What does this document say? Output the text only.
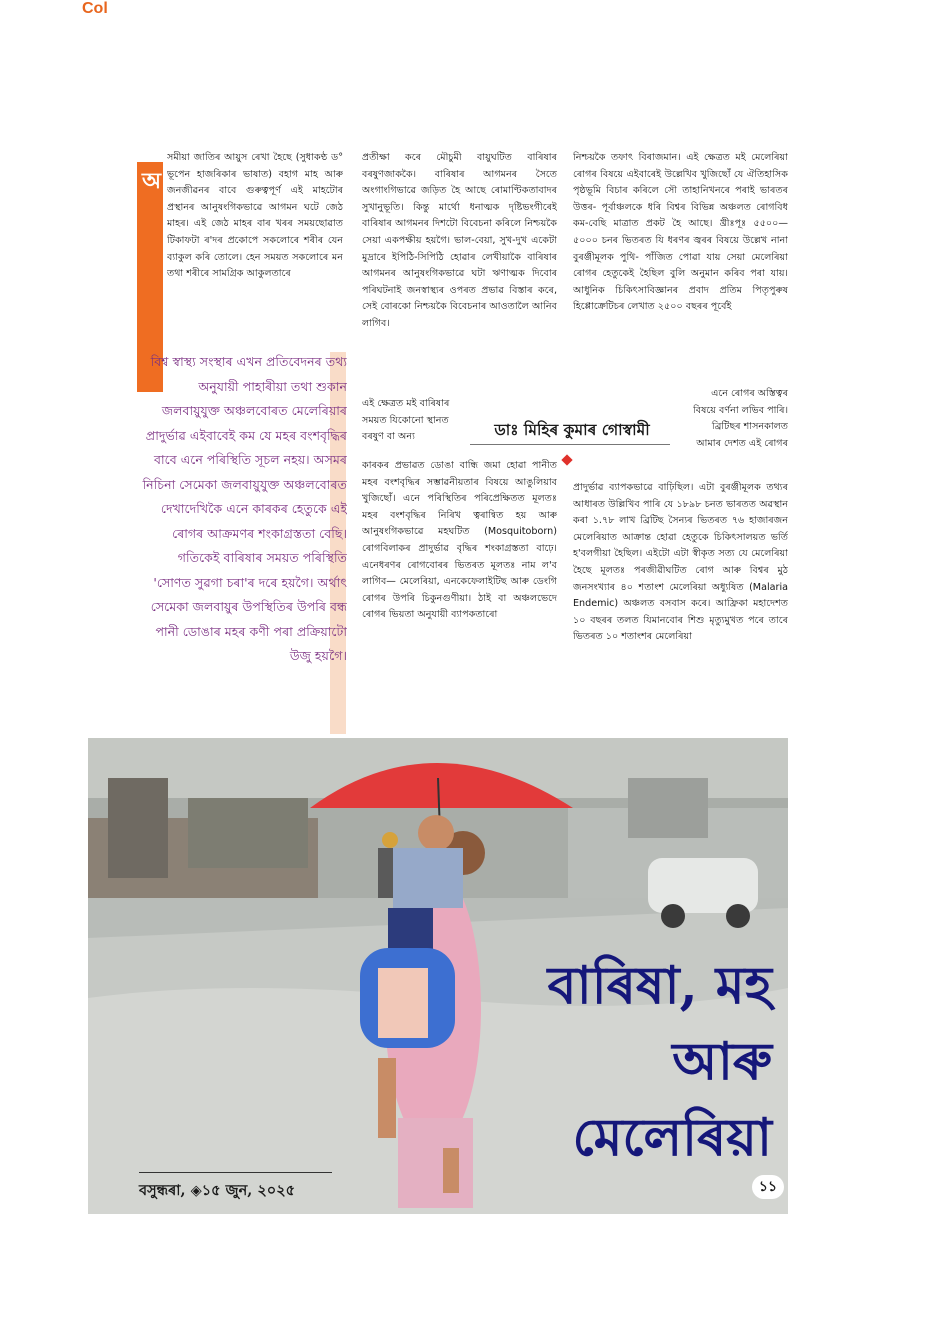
Col
অ

সমীয়া জাতিৰ আয়ুস ৰেখা হৈছে (সুধাকণ্ঠ ড° ভূপেন হাজৰিকাৰ ভাষাত) বহাগ মাহ আৰু জনজীৱনৰ বাবে গুৰুত্বপূৰ্ণ এই মাহটোৰ প্ৰস্থানৰ আনুষংগিকভাৱে আগমন ঘটে জেঠ মাহৰ। এই জেঠ মাহৰ বাৰ খৰৰ সময়ছোৱাত টিকাফটা ৰ'দৰ প্ৰকোপে সকলোৰে শৰীৰ যেন ব্যাকুল কৰি তোলে। হেন সময়ত সকলোৰে মন তথা শৰীৰে সামগ্ৰিক আকুলতাৰে

বিশ্ব স্বাস্থ্য সংস্থাৰ এখন প্ৰতিবেদনৰ তথ্য অনুযায়ী পাহাৰীয়া তথা শুকান জলবায়ুযুক্ত অঞ্চলবোৰত মেলেৰিয়াৰ প্ৰাদুৰ্ভাৱ এইবাবেই কম যে মহৰ বংশবৃদ্ধিৰ বাবে এনে পৰিস্থিতি সূচল নহয়। অসমৰ নিচিনা সেমেকা জলবায়ুযুক্ত অঞ্চলবোৰত দেখাদেখিকৈ এনে কাৰকৰ হেতুকে এই ৰোগৰ আক্ৰমণৰ শংকাগ্ৰস্ততা বেছি। গতিকেই বাৰিষাৰ সময়ত পৰিস্থিতি 'সোণত সুৱগা চৰা'ৰ দৰে হয়গৈ। অৰ্থাৎ সেমেকা জলবায়ুৰ উপস্থিতিৰ উপৰি বন্ধ পানী ডোঙাৰ মহৰ কণী পৰা প্ৰক্ৰিয়াটো উজু হয়গৈ।

প্ৰতীক্ষা কৰে মৌচুমী বায়ুঘটিত বাৰিষাৰ বৰষুণজাককৈ। বাৰিষাৰ আগমনৰ সৈতে অংগাংগিভাৱে জড়িত হৈ আছে ৰোমাণ্টিকতাবাদৰ সুখানুভূতি। কিন্তু মাৰ্থো ধনাত্মক দৃষ্টিভংগীৰেই বাৰিষাৰ আগমনৰ দিশটো বিবেচনা কৰিলে নিশ্চয়কৈ সেয়া একপক্ষীয় হয়গৈ। ভাল-বেয়া, সুখ-দুখ একেটা মুদ্ৰাৰে ইপিঠি-সিপিঠি হোৱাৰ লেখীয়াকৈ বাৰিষাৰ আগমনৰ আনুষংগিকভাৱে ঘটা ঋণাত্মক দিবোৰ পৰিঘটনাই জনস্বাস্থ্যৰ ওপৰত প্ৰভাৱ বিস্তাৰ কৰে, সেই বোৰকো নিশ্চয়কৈ বিবেচনাৰ আওতালৈ আনিব লাগিব।

এই ক্ষেত্ৰত মই বাৰিষাৰ সময়ত যিকোনো স্থানত বৰষুণ বা অন্য	ডাঃ মিহিৰ কুমাৰ গোস্বামী

কাৰকৰ প্ৰভাৱত ডোঙা বান্ধি জমা হোৱা পানীত মহৰ বংশবৃদ্ধিৰ সম্ভাৱনীয়তাৰ বিষয়ে আঙুলিয়াব খুজিছোঁ। এনে পৰিস্থিতিৰ পৰিপ্ৰেক্ষিতত মূলতঃ মহৰ বংশবৃদ্ধিৰ নিৰিখ ত্বৰান্বিত হয় আৰু আনুষংগিকভাৱে মহঘটিত (Mosquitoborn) ৰোগবিলাকৰ প্ৰাদুৰ্ভাৱ বৃদ্ধিৰ শংকাগ্ৰস্ততা বাঢ়ে। এনেধৰণৰ ৰোগবোৰৰ ভিতৰত মূলতঃ নাম ল'ব লাগিব— মেলেৰিয়া, এনকেফেলাইটিছ আৰু ডেংগি ৰোগৰ উপৰি চিকুনগুণীয়া। ঠাই বা অঞ্চলভেদে ৰোগৰ ভিয়তা অনুযায়ী ব্যাপকতাৰো

নিশ্চয়কৈ তফাৎ বিৰাজমান। এই ক্ষেত্ৰত মই মেলেৰিয়া ৰোগৰ বিষয়ে এইবাৰেই উল্লেখিব খুজিছোঁ যে ঐতিহাসিক পৃষ্ঠভূমি বিচাৰ কৰিলে সৌ তাহানিখনৰে পৰাই ভাৰতৰ উত্তৰ- পূৰ্বাঞ্চলকে ধৰি বিশ্বৰ বিভিন্ন অঞ্চলত ৰোগবিধ কম-বেছি মাত্ৰাত প্ৰকট হৈ আছে। খ্ৰীঃপূঃ ৫৫০০—৫০০০ চনৰ ভিতৰত যি ধৰণৰ জ্বৰৰ বিষয়ে উল্লেখ নানা বুৰঞ্জীমূলক পুথি- পাঁজিত পোৱা যায় সেয়া মেলেৰিয়া ৰোগৰ হেতুকেই হৈছিল বুলি অনুমান কৰিব পৰা যায়। আধুনিক চিকিৎসাবিজ্ঞানৰ প্ৰবাদ প্ৰতিম পিতৃপুৰুষ হিপ্পোক্ৰেটিচৰ লেখাত ২৫০০ বছৰৰ পূৰ্বেই

এনে ৰোগৰ অস্তিত্বৰ বিষয়ে বৰ্ণনা লভিব পাৰি। ব্ৰিটিছৰ শাসনকালত আমাৰ দেশত এই ৰোগৰ

প্ৰাদুৰ্ভাৱ ব্যাপকভাৱে বাঢ়িছিল। এটা বুৰঞ্জীমূলক তথ্যৰ আধাৰত উল্লিখিব পাৰি যে ১৮৯৮ চনত ভাৰতত অৱস্থান কৰা ১.৭৮ লাখ ব্ৰিটিছ সৈন্যৰ ভিতৰত ৭৬ হাজাৰজন মেলেৰিয়াত আক্ৰান্ত হোৱা হেতুকে চিকিৎসালয়ত ভৰ্তি হ'বলগীয়া হৈছিল। এইটো এটা স্বীকৃত সত্য যে মেলেৰিয়া হৈছে মূলতঃ পৰজীৱীঘটিত ৰোগ আৰু বিশ্বৰ মুঠ জনসংখ্যাৰ ৪০ শতাংশ মেলেৰিয়া অধ্যুষিত (Malaria Endemic) অঞ্চলত বসবাস কৰে। আফ্ৰিকা মহাদেশত ১০ বছৰৰ তলত যিমানবোৰ শিশু মৃত্যুমুখত পৰে তাৰে ভিতৰত ১০ শতাংশৰ মেলেৰিয়া

বাৰিষা, মহ
আৰু
মেলেৰিয়া
বসুন্ধৰা, ◈১৫ জুন, ২০২৫	১১
